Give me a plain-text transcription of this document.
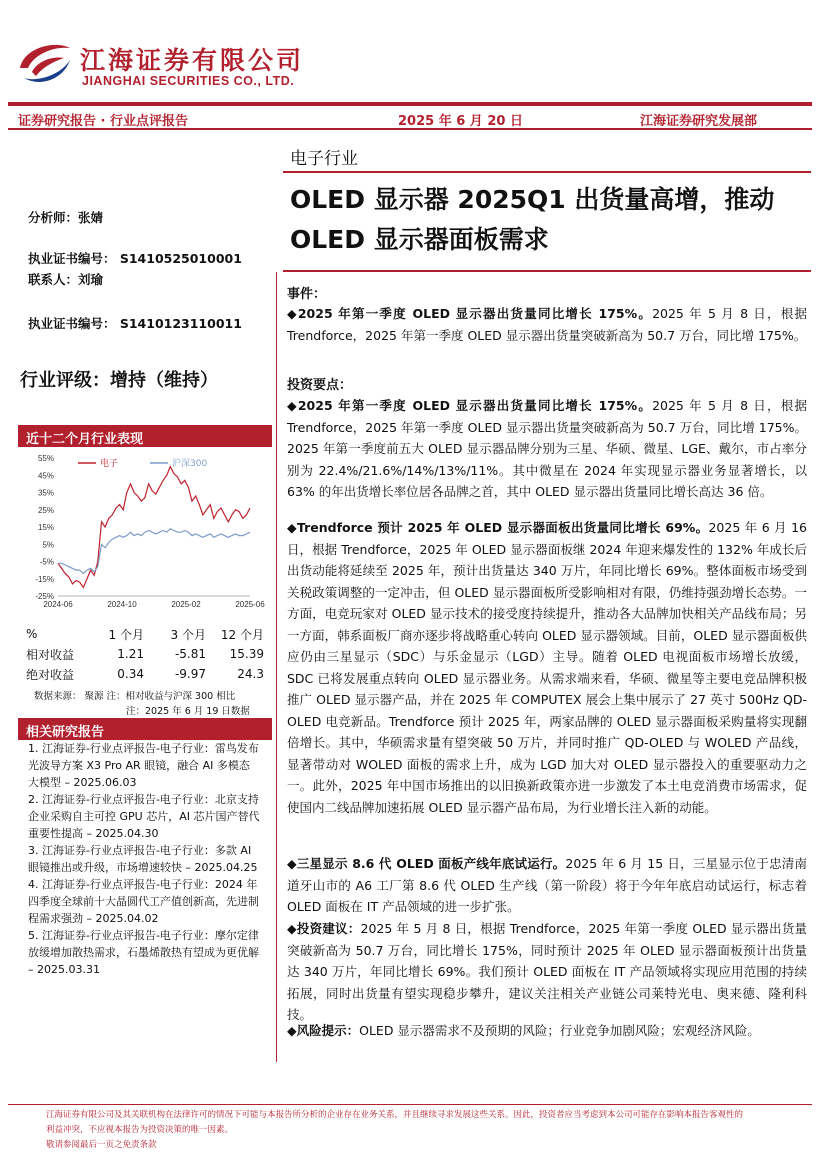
江海证券有限公司
JIANGHAI SECURITIES CO., LTD.
证券研究报告 · 行业点评报告	2025 年 6 月 20 日	江海证券研究发展部
电子行业
OLED 显示器 2025Q1 出货量高增，推动 OLED 显示器面板需求
分析师：张婧
执业证书编号： S1410525010001
联系人：刘瑜
执业证书编号： S1410123110011
行业评级：增持（维持）
近十二个月行业表现
55%
45%
35%
25%
15%
5%
-5%
-15%
-25%
2024-06	2024-10	2025-02	2025-06
电子	沪深300
%	1 个月	3 个月	12 个月
相对收益	1.21	-5.81	15.39
绝对收益	0.34	-9.97	24.3
数据来源： 聚源 注：相对收益与沪深 300 相比
注：2025 年 6 月 19 日数据
相关研究报告

1. 江海证券-行业点评报告-电子行业：雷鸟发布光波导方案 X3 Pro AR 眼镜，融合 AI 多模态大模型 – 2025.06.03

2. 江海证券-行业点评报告-电子行业：北京支持企业采购自主可控 GPU 芯片，AI 芯片国产替代重要性提高 – 2025.04.30

3. 江海证券-行业点评报告-电子行业：多款 AI 眼镜推出或升级，市场增速较快 – 2025.04.25

4. 江海证券-行业点评报告-电子行业：2024 年四季度全球前十大晶圆代工产值创新高，先进制程需求强劲 – 2025.04.02

5. 江海证券-行业点评报告-电子行业：摩尔定律放缓增加散热需求，石墨烯散热有望成为更优解 – 2025.03.31

事件：
◆2025 年第一季度 OLED 显示器出货量同比增长 175%。2025 年 5 月 8 日，根据 Trendforce，2025 年第一季度 OLED 显示器出货量突破新高为 50.7 万台，同比增 175%。
投资要点：
◆2025 年第一季度 OLED 显示器出货量同比增长 175%。2025 年 5 月 8 日，根据 Trendforce，2025 年第一季度 OLED 显示器出货量突破新高为 50.7 万台，同比增 175%。2025 年第一季度前五大 OLED 显示器品牌分别为三星、华硕、微星、LGE、戴尔，市占率分别为 22.4%/21.6%/14%/13%/11%。其中微星在 2024 年实现显示器业务显著增长，以 63% 的年出货增长率位居各品牌之首，其中 OLED 显示器出货量同比增长高达 36 倍。
◆Trendforce 预计 2025 年 OLED 显示器面板出货量同比增长 69%。2025 年 6 月 16 日，根据 Trendforce，2025 年 OLED 显示器面板继 2024 年迎来爆发性的 132% 年成长后出货动能将延续至 2025 年，预计出货量达 340 万片，年同比增长 69%。整体面板市场受到关税政策调整的一定冲击，但 OLED 显示器面板所受影响相对有限，仍维持强劲增长态势。一方面，电竞玩家对 OLED 显示技术的接受度持续提升，推动各大品牌加快相关产品线布局；另一方面，韩系面板厂商亦逐步将战略重心转向 OLED 显示器领域。目前，OLED 显示器面板供应仍由三星显示（SDC）与乐金显示（LGD）主导。随着 OLED 电视面板市场增长放缓，SDC 已将发展重点转向 OLED 显示器业务。从需求端来看，华硕、微星等主要电竞品牌积极推广 OLED 显示器产品，并在 2025 年 COMPUTEX 展会上集中展示了 27 英寸 500Hz QD-OLED 电竞新品。Trendforce 预计 2025 年，两家品牌的 OLED 显示器面板采购量将实现翻倍增长。其中，华硕需求量有望突破 50 万片，并同时推广 QD-OLED 与 WOLED 产品线，显著带动对 WOLED 面板的需求上升，成为 LGD 加大对 OLED 显示器投入的重要驱动力之一。此外，2025 年中国市场推出的以旧换新政策亦进一步激发了本土电竞消费市场需求，促使国内二线品牌加速拓展 OLED 显示器产品布局，为行业增长注入新的动能。
◆三星显示 8.6 代 OLED 面板产线年底试运行。2025 年 6 月 15 日，三星显示位于忠清南道牙山市的 A6 工厂第 8.6 代 OLED 生产线（第一阶段）将于今年年底启动试运行，标志着 OLED 面板在 IT 产品领域的进一步扩张。
◆投资建议：2025 年 5 月 8 日，根据 Trendforce，2025 年第一季度 OLED 显示器出货量突破新高为 50.7 万台，同比增长 175%，同时预计 2025 年 OLED 显示器面板预计出货量达 340 万片，年同比增长 69%。我们预计 OLED 面板在 IT 产品领域将实现应用范围的持续拓展，同时出货量有望实现稳步攀升，建议关注相关产业链公司莱特光电、奥来德、隆利科技。
◆风险提示：OLED 显示器需求不及预期的风险；行业竞争加剧风险；宏观经济风险。
江海证券有限公司及其关联机构在法律许可的情况下可能与本报告所分析的企业存在业务关系，并且继续寻求发展这些关系。因此，投资者应当考虑到本公司可能存在影响本报告客观性的
利益冲突，不应视本报告为投资决策的唯一因素。
敬请参阅最后一页之免责条款
